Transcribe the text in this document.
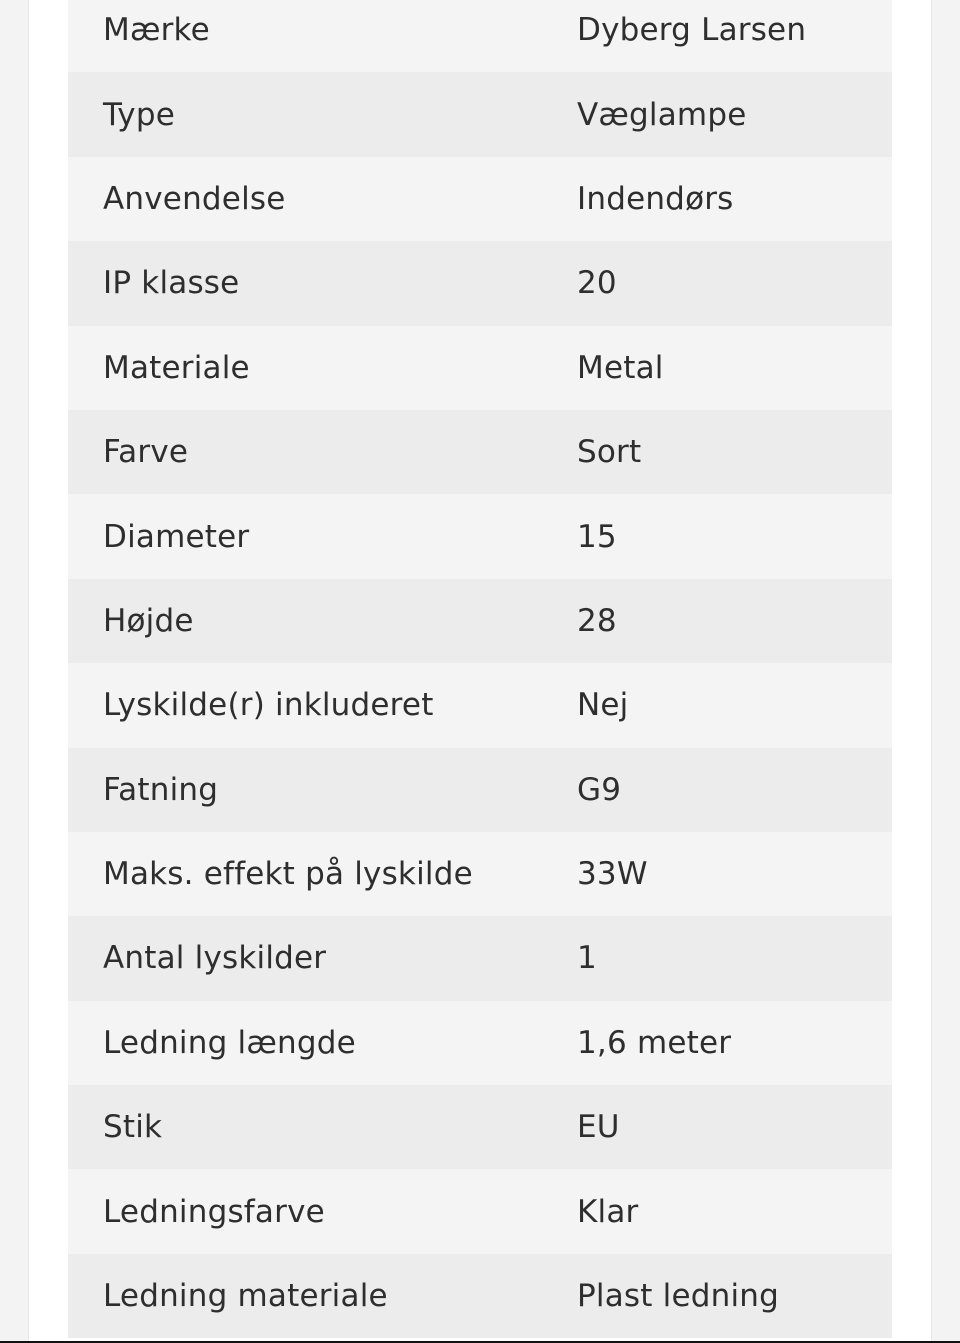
Mærke	Dyberg Larsen
Type	Væglampe
Anvendelse	Indendørs
IP klasse	20
Materiale	Metal
Farve	Sort
Diameter	15
Højde	28
Lyskilde(r) inkluderet	Nej
Fatning	G9
Maks. effekt på lyskilde	33W
Antal lyskilder	1
Ledning længde	1,6 meter
Stik	EU
Ledningsfarve	Klar
Ledning materiale	Plast ledning
